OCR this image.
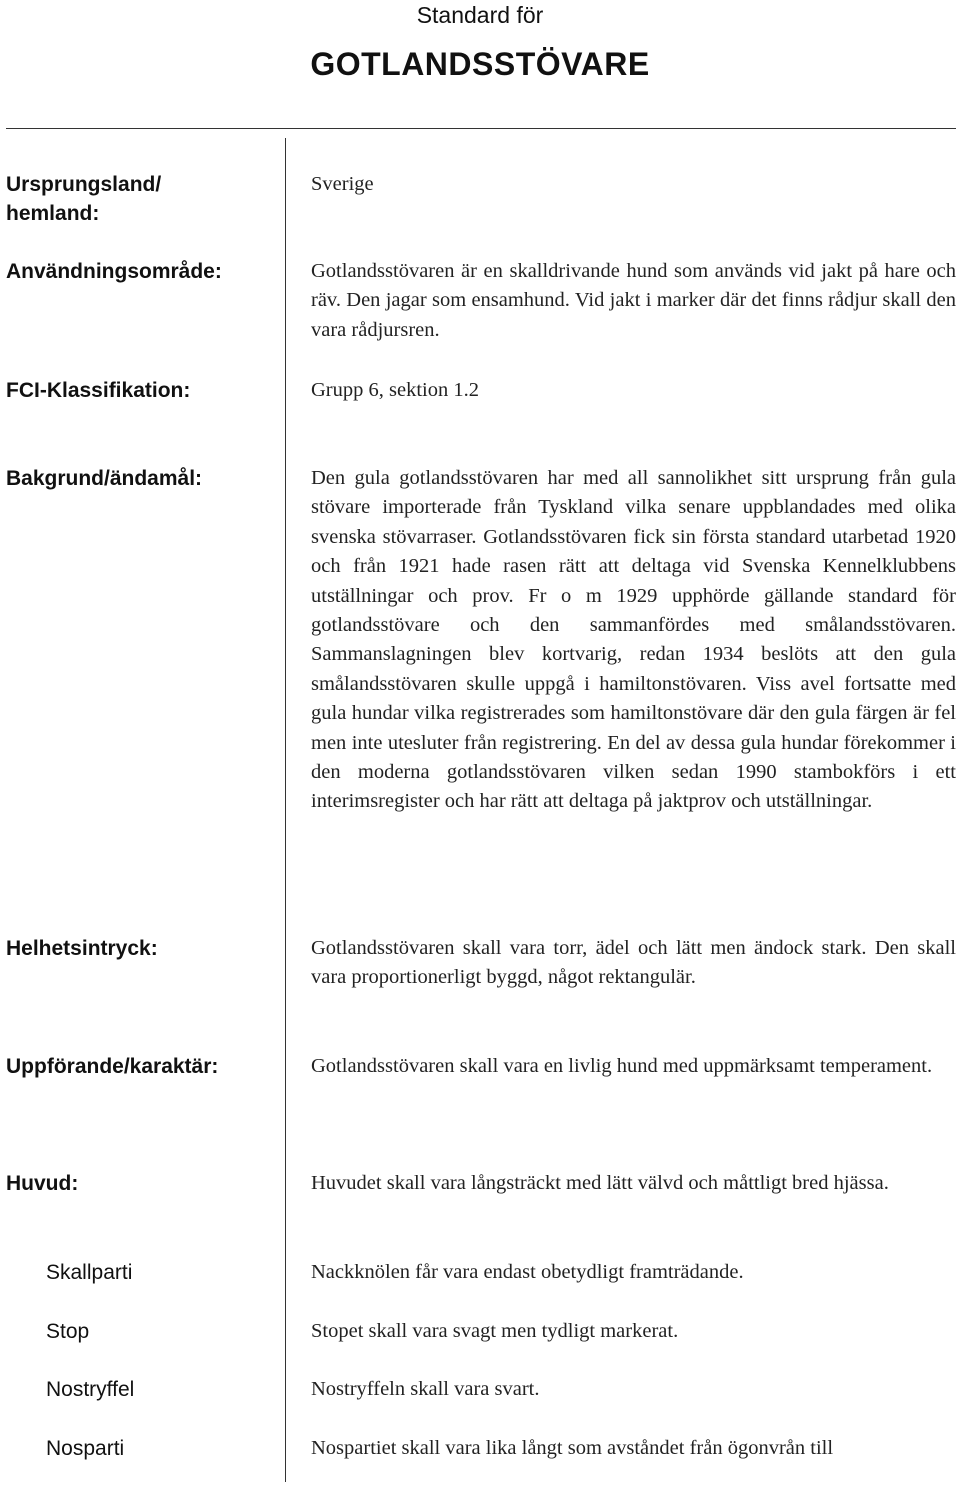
Standard för
GOTLANDSSTÖVARE
Ursprungsland/
hemland:
Sverige
Användningsområde:	Gotlandsstövaren är en skalldrivande hund som används vid jakt på hare och räv. Den jagar som ensamhund. Vid jakt i marker där det finns rådjur skall den vara rådjursren.
FCI-Klassifikation:	Grupp 6, sektion 1.2
Bakgrund/ändamål:	Den gula gotlandsstövaren har med all sannolikhet sitt ursprung från gula stövare importerade från Tyskland vilka senare uppblandades med olika svenska stövarraser. Gotlandsstövaren fick sin första standard utarbetad 1920 och från 1921 hade rasen rätt att deltaga vid Svenska Kennelklubbens utställningar och prov. Fr o m 1929 upphörde gällande standard för gotlandsstövare och den sammanfördes med smålandsstövaren. Sammanslagningen blev kortvarig, redan 1934 beslöts att den gula smålandsstövaren skulle uppgå i hamiltonstövaren. Viss avel fortsatte med gula hundar vilka registrerades som hamiltonstövare där den gula färgen är fel men inte utesluter från registrering. En del av dessa gula hundar förekommer i den moderna gotlandsstövaren vilken sedan 1990 stambokförs i ett interimsregister och har rätt att deltaga på jaktprov och utställningar.
Helhetsintryck:	Gotlandsstövaren skall vara torr, ädel och lätt men ändock stark. Den skall vara proportionerligt byggd, något rektangulär.
Uppförande/karaktär:	Gotlandsstövaren skall vara en livlig hund med uppmärksamt temperament.
Huvud:	Huvudet skall vara långsträckt med lätt välvd och måttligt bred hjässa.
Skallparti	Nackknölen får vara endast obetydligt framträdande.
Stop	Stopet skall vara svagt men tydligt markerat.
Nostryffel	Nostryffeln skall vara svart.
Nosparti	Nospartiet skall vara lika långt som avståndet från ögonvrån till
